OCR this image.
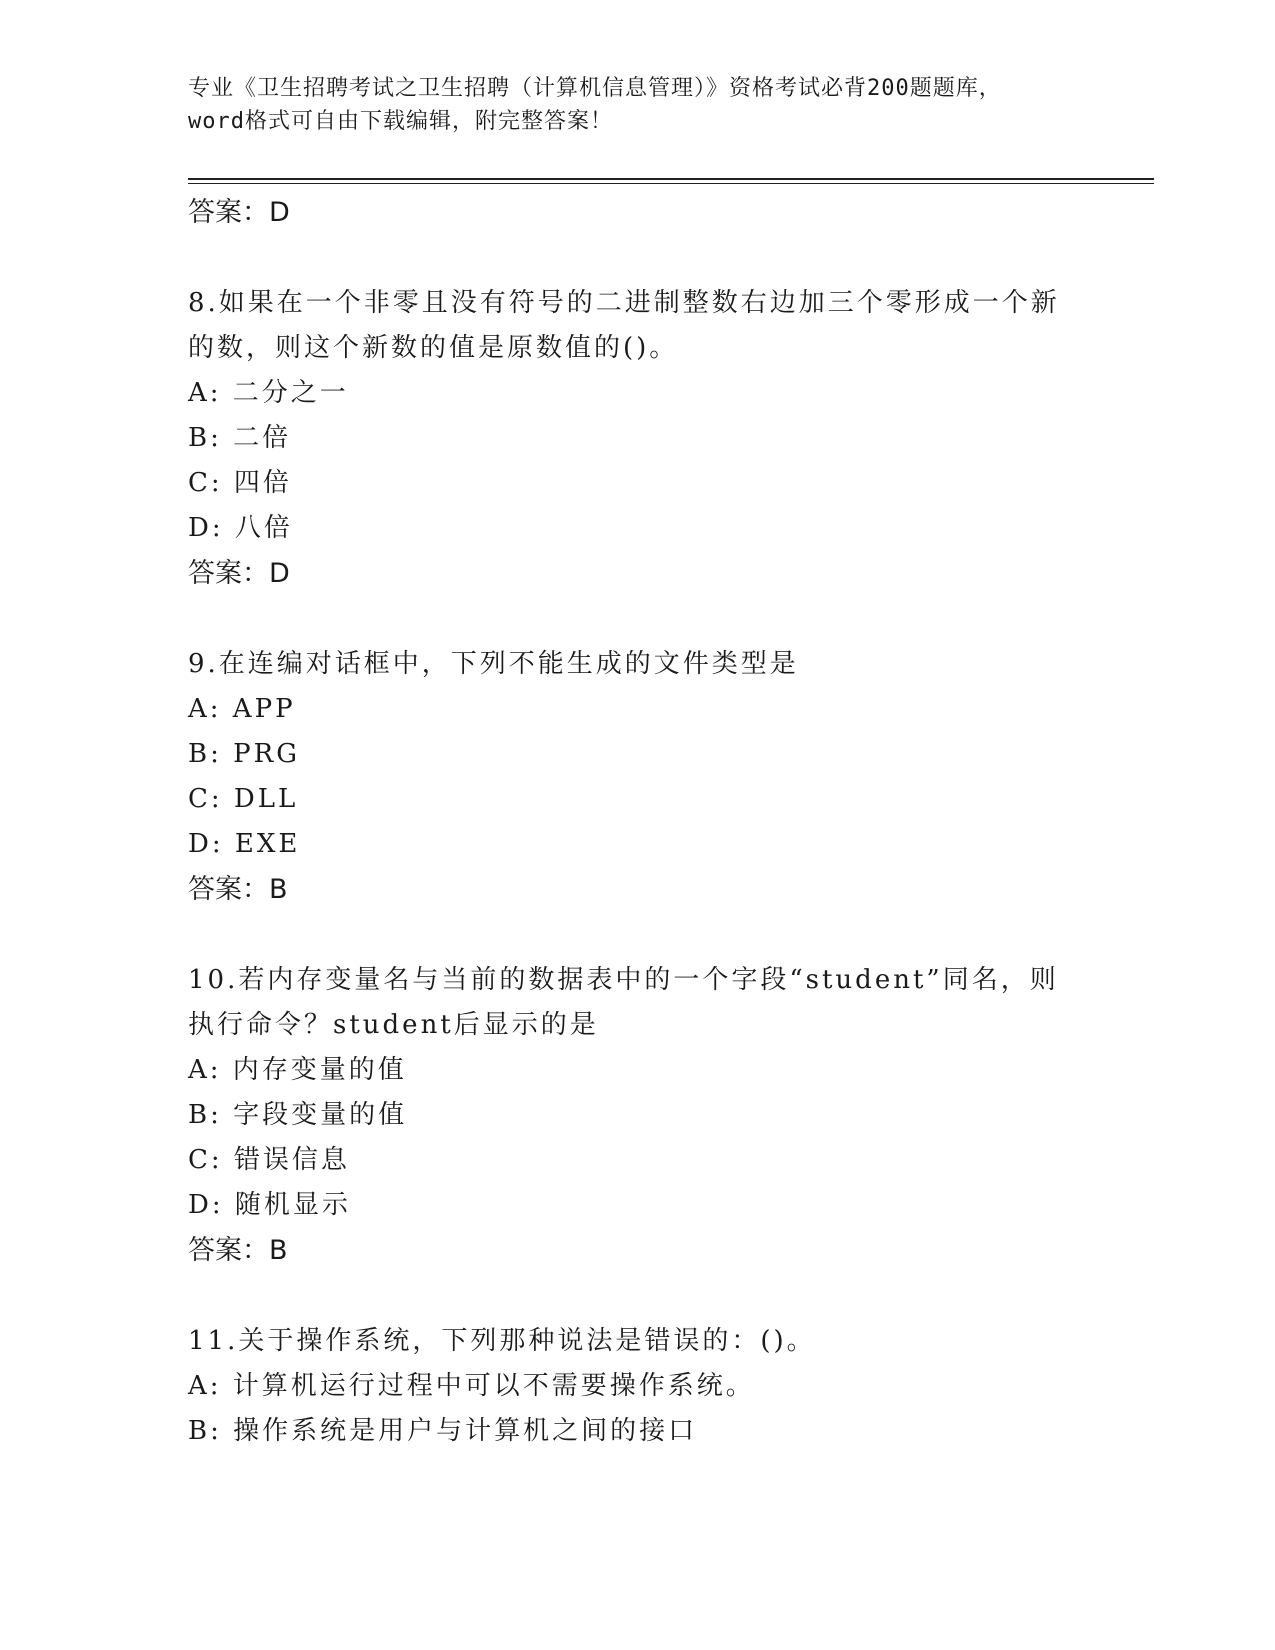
专业《卫生招聘考试之卫生招聘（计算机信息管理）》资格考试必背200题题库，
word格式可自由下载编辑，附完整答案！
答案：D
8.如果在一个非零且没有符号的二进制整数右边加三个零形成一个新
的数，则这个新数的值是原数值的()。
A: 二分之一
B: 二倍
C: 四倍
D: 八倍
答案：D
9.在连编对话框中，下列不能生成的文件类型是
A: APP
B: PRG
C: DLL
D: EXE
答案：B
10.若内存变量名与当前的数据表中的一个字段“student”同名，则
执行命令？student后显示的是
A: 内存变量的值
B: 字段变量的值
C: 错误信息
D: 随机显示
答案：B
11.关于操作系统，下列那种说法是错误的：()。
A: 计算机运行过程中可以不需要操作系统。
B: 操作系统是用户与计算机之间的接口
